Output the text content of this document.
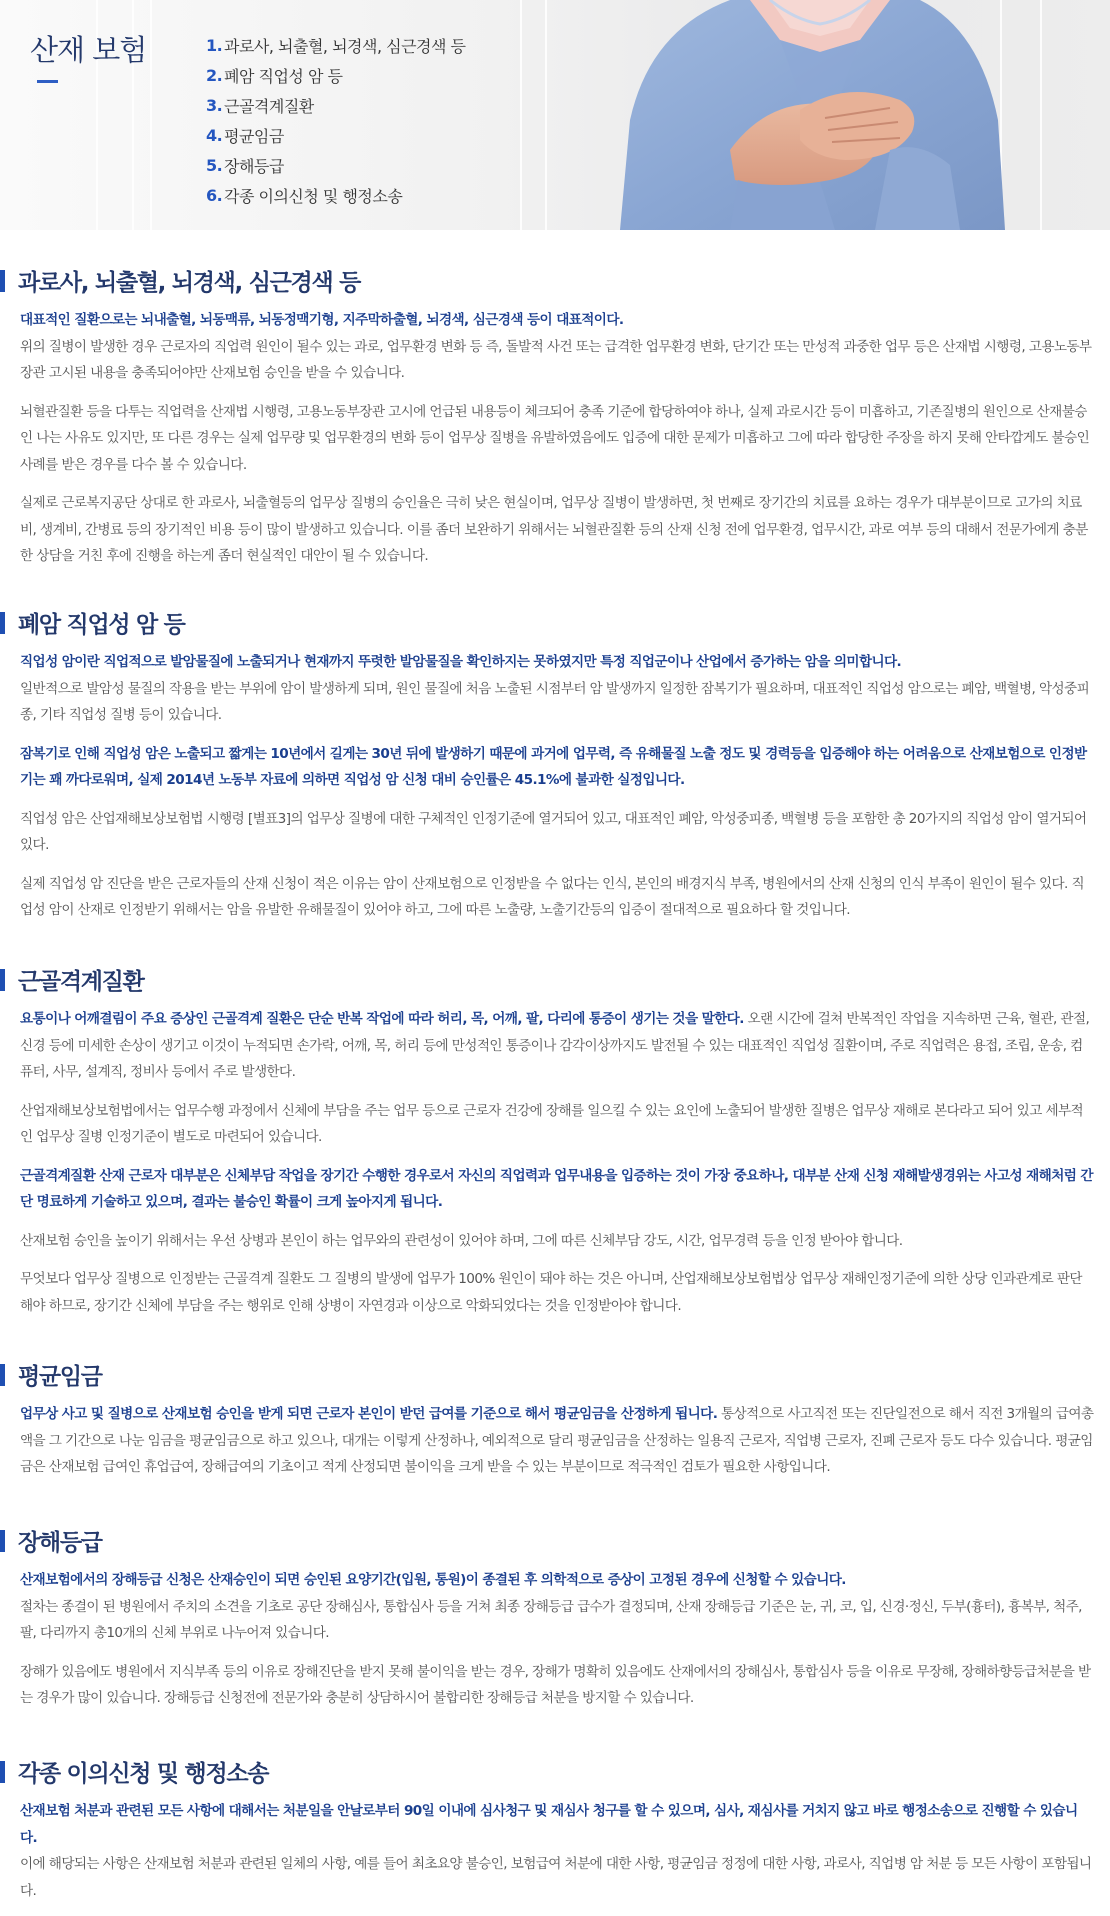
산재 보험	1. 과로사, 뇌출혈, 뇌경색, 심근경색 등
2. 폐암 직업성 암 등
3. 근골격계질환
4. 평균임금
5. 장해등급
6. 각종 이의신청 및 행정소송
과로사, 뇌출혈, 뇌경색, 심근경색 등

대표적인 질환으로는 뇌내출혈, 뇌동맥류, 뇌동정맥기형, 지주막하출혈, 뇌경색, 심근경색 등이 대표적이다.
위의 질병이 발생한 경우 근로자의 직업력 원인이 될수 있는 과로, 업무환경 변화 등 즉, 돌발적 사건 또는 급격한 업무환경 변화, 단기간 또는 만성적 과중한 업무 등은 산재법 시행령, 고용노동부장관 고시된 내용을 충족되어야만 산재보험 승인을 받을 수 있습니다.

뇌혈관질환 등을 다투는 직업력을 산재법 시행령, 고용노동부장관 고시에 언급된 내용등이 체크되어 충족 기준에 합당하여야 하나, 실제 과로시간 등이 미흡하고, 기존질병의 원인으로 산재불승인 나는 사유도 있지만, 또 다른 경우는 실제 업무량 및 업무환경의 변화 등이 업무상 질병을 유발하였음에도 입증에 대한 문제가 미흡하고 그에 따라 합당한 주장을 하지 못해 안타깝게도 불승인 사례를 받은 경우를 다수 볼 수 있습니다.

실제로 근로복지공단 상대로 한 과로사, 뇌출혈등의 업무상 질병의 승인율은 극히 낮은 현실이며, 업무상 질병이 발생하면, 첫 번째로 장기간의 치료를 요하는 경우가 대부분이므로 고가의 치료비, 생계비, 간병료 등의 장기적인 비용 등이 많이 발생하고 있습니다. 이를 좀더 보완하기 위해서는 뇌혈관질환 등의 산재 신청 전에 업무환경, 업무시간, 과로 여부 등의 대해서 전문가에게 충분한 상담을 거친 후에 진행을 하는게 좀더 현실적인 대안이 될 수 있습니다.

폐암 직업성 암 등

직업성 암이란 직업적으로 발암물질에 노출되거나 현재까지 뚜렷한 발암물질을 확인하지는 못하였지만 특정 직업군이나 산업에서 증가하는 암을 의미합니다.
일반적으로 발암성 물질의 작용을 받는 부위에 암이 발생하게 되며, 원인 물질에 처음 노출된 시점부터 암 발생까지 일정한 잠복기가 필요하며, 대표적인 직업성 암으로는 폐암, 백혈병, 악성중피종, 기타 직업성 질병 등이 있습니다.

잠복기로 인해 직업성 암은 노출되고 짧게는 10년에서 길게는 30년 뒤에 발생하기 때문에 과거에 업무력, 즉 유해물질 노출 정도 및 경력등을 입증해야 하는 어려움으로 산재보험으로 인정받기는 꽤 까다로워며, 실제 2014년 노동부 자료에 의하면 직업성 암 신청 대비 승인률은 45.1%에 불과한 실정입니다.

직업성 암은 산업재해보상보험법 시행령 [별표3]의 업무상 질병에 대한 구체적인 인정기준에 열거되어 있고, 대표적인 폐암, 악성중피종, 백혈병 등을 포함한 총 20가지의 직업성 암이 열거되어 있다.

실제 직업성 암 진단을 받은 근로자들의 산재 신청이 적은 이유는 암이 산재보험으로 인정받을 수 없다는 인식, 본인의 배경지식 부족, 병원에서의 산재 신청의 인식 부족이 원인이 될수 있다. 직업성 암이 산재로 인정받기 위해서는 암을 유발한 유해물질이 있어야 하고, 그에 따른 노출량, 노출기간등의 입증이 절대적으로 필요하다 할 것입니다.

근골격계질환

요통이나 어깨결림이 주요 증상인 근골격계 질환은 단순 반복 작업에 따라 허리, 목, 어깨, 팔, 다리에 통증이 생기는 것을 말한다. 오랜 시간에 걸쳐 반복적인 작업을 지속하면 근육, 혈관, 관절, 신경 등에 미세한 손상이 생기고 이것이 누적되면 손가락, 어깨, 목, 허리 등에 만성적인 통증이나 감각이상까지도 발전될 수 있는 대표적인 직업성 질환이며, 주로 직업력은 용접, 조립, 운송, 컴퓨터, 사무, 설계직, 정비사 등에서 주로 발생한다.

산업재해보상보험법에서는 업무수행 과정에서 신체에 부담을 주는 업무 등으로 근로자 건강에 장해를 일으킬 수 있는 요인에 노출되어 발생한 질병은 업무상 재해로 본다라고 되어 있고 세부적인 업무상 질병 인정기준이 별도로 마련되어 있습니다.

근골격계질환 산재 근로자 대부분은 신체부담 작업을 장기간 수행한 경우로서 자신의 직업력과 업무내용을 입증하는 것이 가장 중요하나, 대부분 산재 신청 재해발생경위는 사고성 재해처럼 간단 명료하게 기술하고 있으며, 결과는 불승인 확률이 크게 높아지게 됩니다.

산재보험 승인을 높이기 위해서는 우선 상병과 본인이 하는 업무와의 관련성이 있어야 하며, 그에 따른 신체부담 강도, 시간, 업무경력 등을 인정 받아야 합니다.

무엇보다 업무상 질병으로 인정받는 근골격계 질환도 그 질병의 발생에 업무가 100% 원인이 돼야 하는 것은 아니며, 산업재해보상보험법상 업무상 재해인정기준에 의한 상당 인과관계로 판단해야 하므로, 장기간 신체에 부담을 주는 행위로 인해 상병이 자연경과 이상으로 악화되었다는 것을 인정받아야 합니다.

평균임금

업무상 사고 및 질병으로 산재보험 승인을 받게 되면 근로자 본인이 받던 급여를 기준으로 해서 평균임금을 산정하게 됩니다. 통상적으로 사고직전 또는 진단일전으로 해서 직전 3개월의 급여총액을 그 기간으로 나눈 임금을 평균임금으로 하고 있으나, 대개는 이렇게 산정하나, 예외적으로 달리 평균임금을 산정하는 일용직 근로자, 직업병 근로자, 진폐 근로자 등도 다수 있습니다. 평균임금은 산재보험 급여인 휴업급여, 장해급여의 기초이고 적게 산정되면 불이익을 크게 받을 수 있는 부분이므로 적극적인 검토가 필요한 사항입니다.

장해등급

산재보험에서의 장해등급 신청은 산재승인이 되면 승인된 요양기간(입원, 통원)이 종결된 후 의학적으로 증상이 고정된 경우에 신청할 수 있습니다.
절차는 종결이 된 병원에서 주치의 소견을 기초로 공단 장해심사, 통합심사 등을 거쳐 최종 장해등급 급수가 결정되며, 산재 장해등급 기준은 눈, 귀, 코, 입, 신경·정신, 두부(흉터), 흉복부, 척주, 팔, 다리까지 총10개의 신체 부위로 나누어져 있습니다.

장해가 있음에도 병원에서 지식부족 등의 이유로 장해진단을 받지 못해 불이익을 받는 경우, 장해가 명확히 있음에도 산재에서의 장해심사, 통합심사 등을 이유로 무장해, 장해하향등급처분을 받는 경우가 많이 있습니다. 장해등급 신청전에 전문가와 충분히 상담하시어 불합리한 장해등급 처분을 방지할 수 있습니다.

각종 이의신청 및 행정소송

산재보험 처분과 관련된 모든 사항에 대해서는 처분일을 안날로부터 90일 이내에 심사청구 및 재심사 청구를 할 수 있으며, 심사, 재심사를 거치지 않고 바로 행정소송으로 진행할 수 있습니다.
이에 해당되는 사항은 산재보험 처분과 관련된 일체의 사항, 예를 들어 최초요양 불승인, 보험급여 처분에 대한 사항, 평균임금 정정에 대한 사항, 과로사, 직업병 암 처분 등 모든 사항이 포함됩니다.
